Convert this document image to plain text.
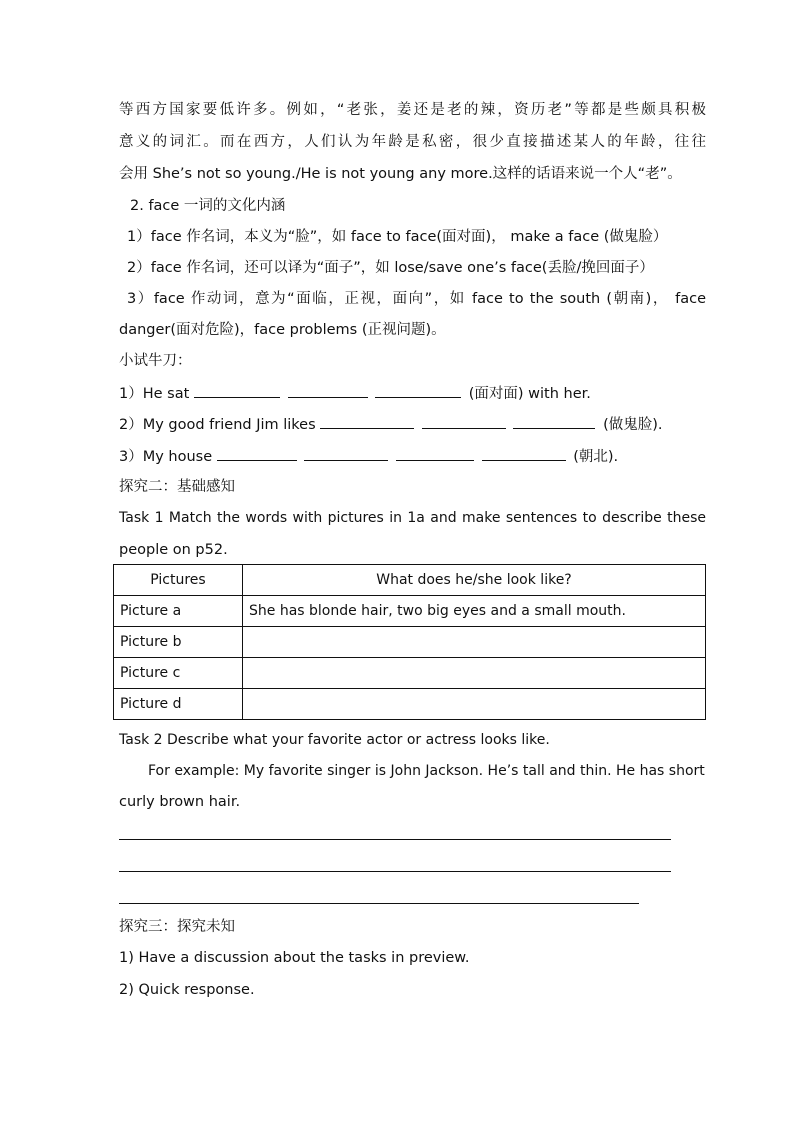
等西方国家要低许多。例如，“老张，姜还是老的辣，资历老”等都是些颇具积极
意义的词汇。而在西方，人们认为年龄是私密，很少直接描述某人的年龄，往往
会用 She’s not so young./He is not young any more.这样的话语来说一个人“老”。
2. face 一词的文化内涵
1）face 作名词，本义为“脸”，如 face to face(面对面)， make a face (做鬼脸）
2）face 作名词，还可以译为“面子”，如 lose/save one’s face(丢脸/挽回面子）
3）face 作动词，意为“面临，正视，面向”，如 face to the south (朝南)， face
danger(面对危险)，face problems (正视问题)。
小试牛刀：
1）He sat	(面对面) with her.
2）My good friend Jim likes	(做鬼脸).
3）My house	(朝北).
探究二：基础感知
Task 1 Match the words with pictures in 1a and make sentences to describe these
people on p52.
Pictures	What does he/she look like?
Picture a	She has blonde hair, two big eyes and a small mouth.
Picture b	
Picture c	
Picture d	
Task 2 Describe what your favorite actor or actress looks like.
For example: My favorite singer is John Jackson. He’s tall and thin. He has short
curly brown hair.
探究三：探究未知
1) Have a discussion about the tasks in preview.
2) Quick response.
